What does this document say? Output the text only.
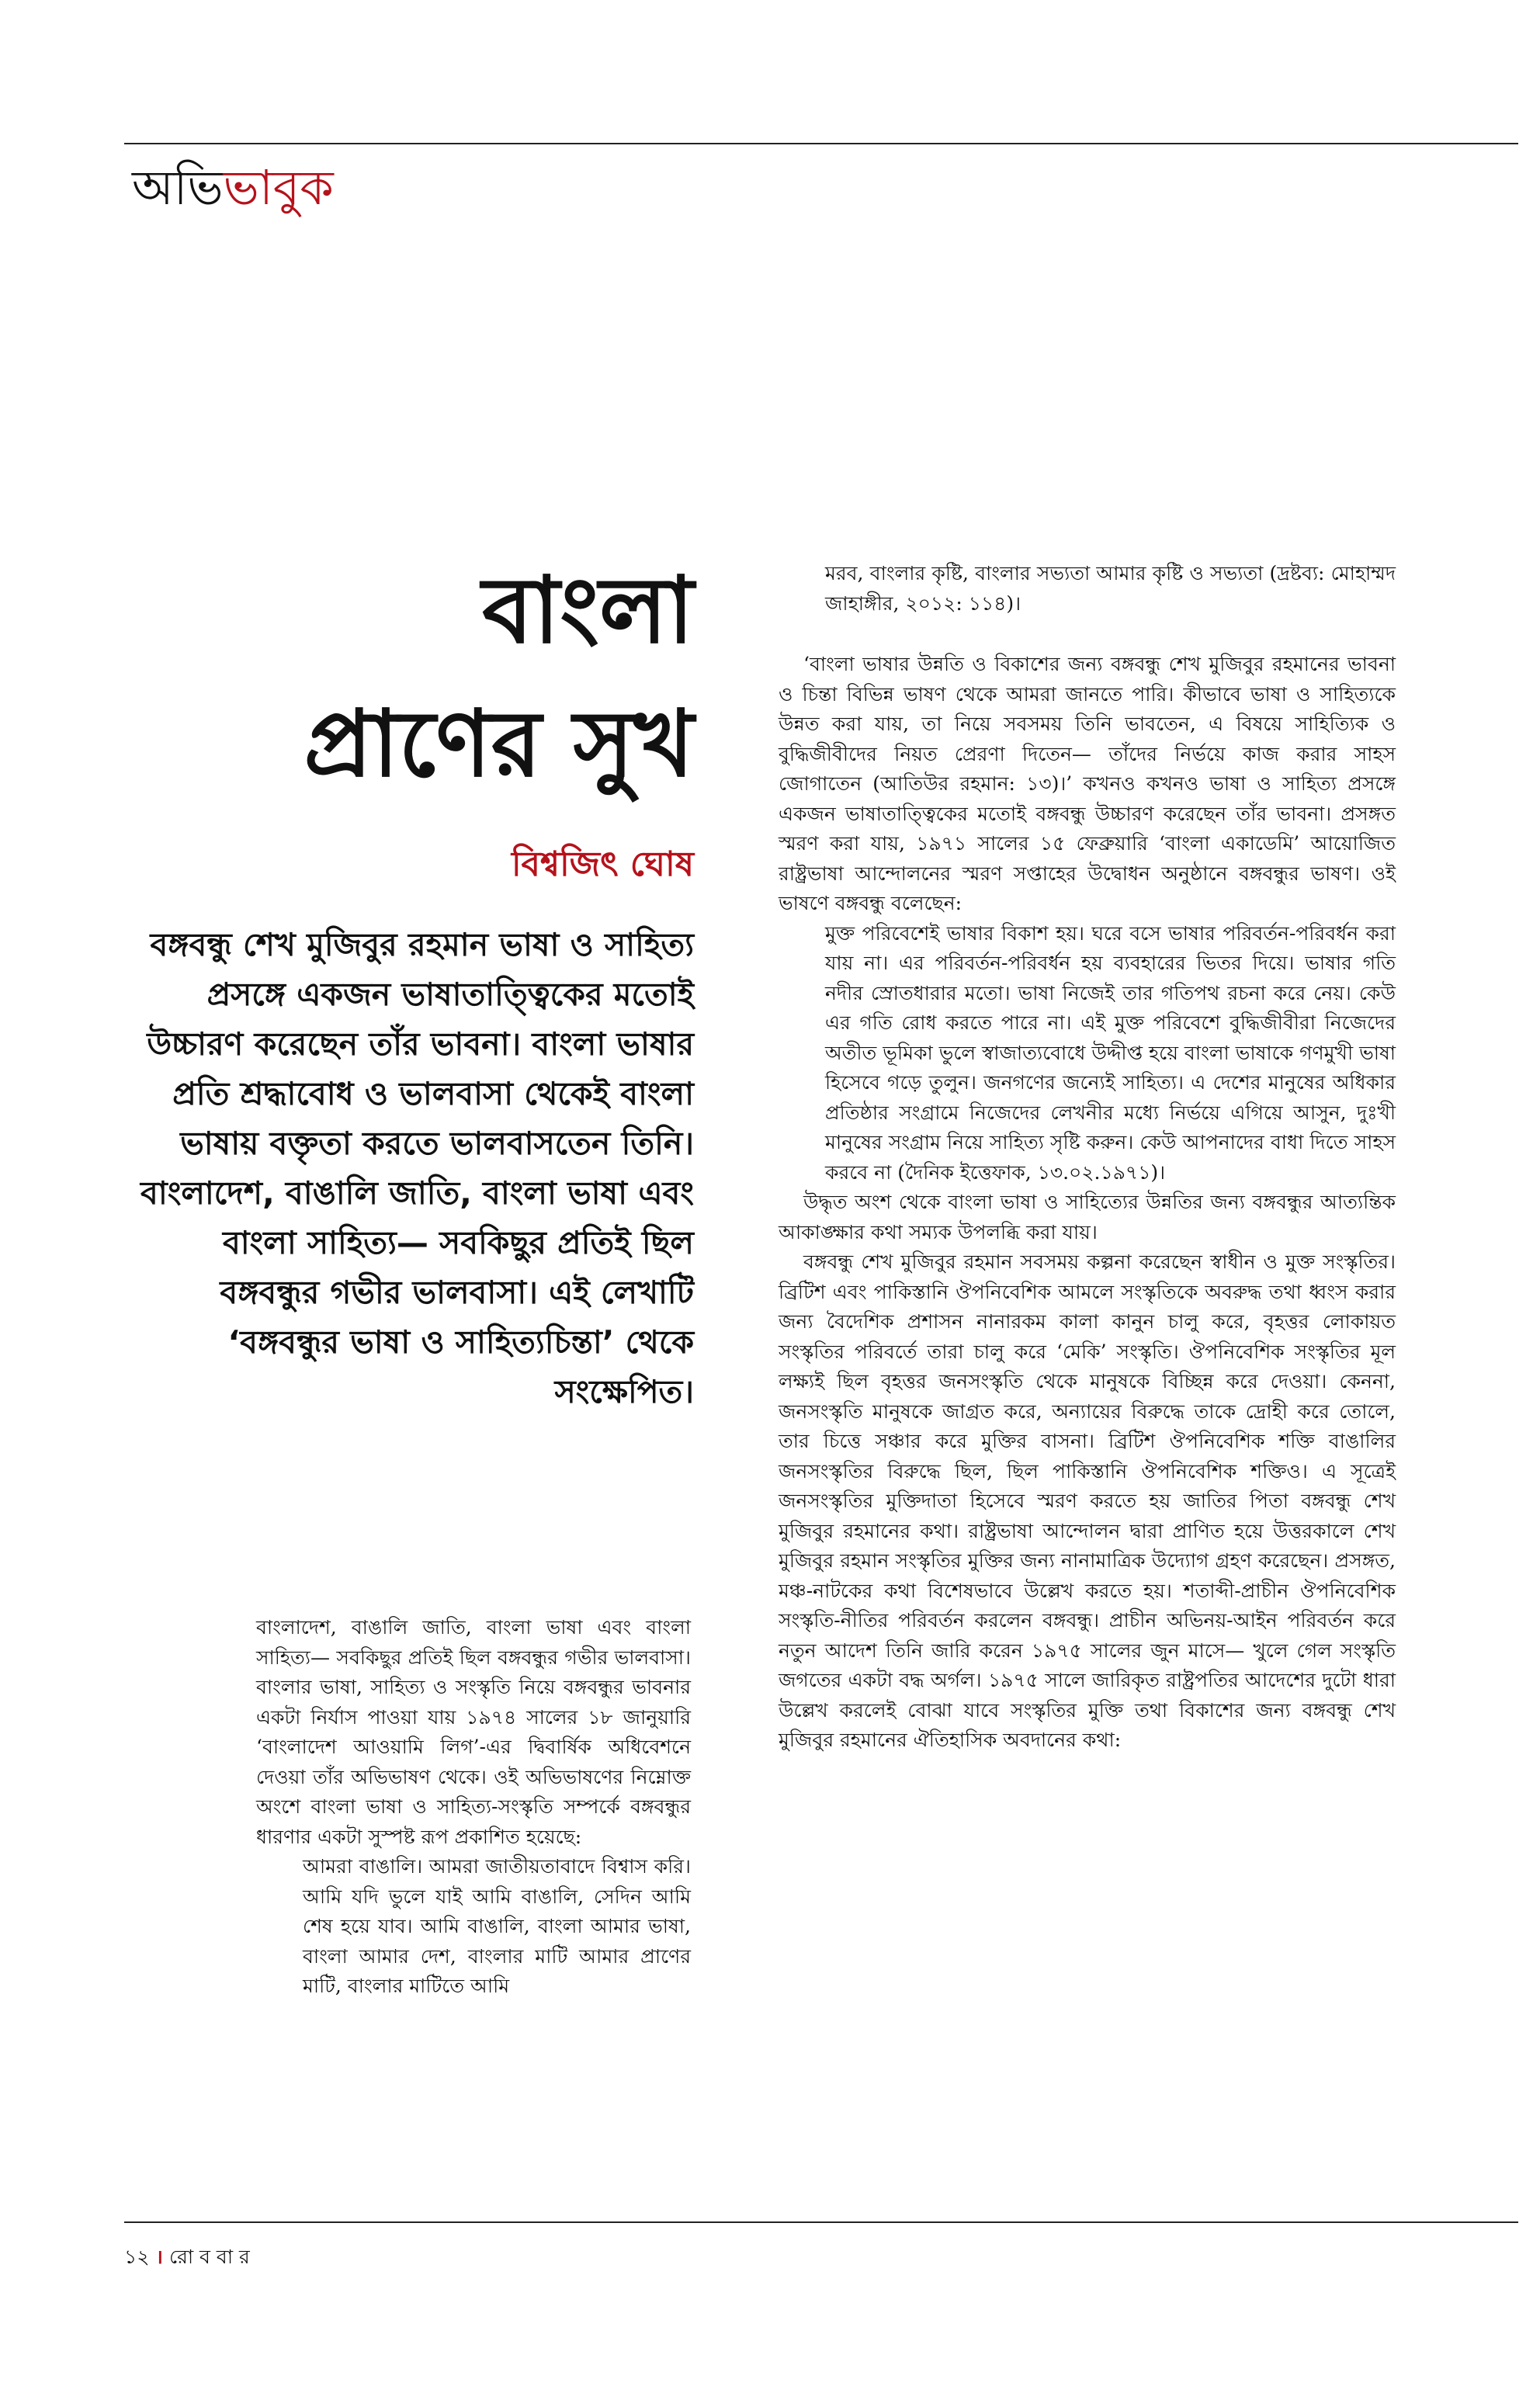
অভিভাবুক
বাংলা
প্রাণের সুখ
বিশ্বজিৎ ঘোষ
বঙ্গবন্ধু শেখ মুজিবুর রহমান ভাষা ও সাহিত্য প্রসঙ্গে একজন ভাষাতাত্ত্বিকের মতোই উচ্চারণ করেছেন তাঁর ভাবনা। বাংলা ভাষার প্রতি শ্রদ্ধাবোধ ও ভালবাসা থেকেই বাংলা ভাষায় বক্তৃতা করতে ভালবাসতেন তিনি। বাংলাদেশ, বাঙালি জাতি, বাংলা ভাষা এবং বাংলা সাহিত্য— সবকিছুর প্রতিই ছিল বঙ্গবন্ধুর গভীর ভালবাসা। এই লেখাটি ‘বঙ্গবন্ধুর ভাষা ও সাহিত্যচিন্তা’ থেকে সংক্ষেপিত।

বাংলাদেশ, বাঙালি জাতি, বাংলা ভাষা এবং বাংলা সাহিত্য— সবকিছুর প্রতিই ছিল বঙ্গবন্ধুর গভীর ভালবাসা। বাংলার ভাষা, সাহিত্য ও সংস্কৃতি নিয়ে বঙ্গবন্ধুর ভাবনার একটা নির্যাস পাওয়া যায় ১৯৭৪ সালের ১৮ জানুয়ারি ‘বাংলাদেশ আওয়ামি লিগ’-এর দ্বিবার্ষিক অধিবেশনে দেওয়া তাঁর অভিভাষণ থেকে। ওই অভিভাষণের নিম্নোক্ত অংশে বাংলা ভাষা ও সাহিত্য-সংস্কৃতি সম্পর্কে বঙ্গবন্ধুর ধারণার একটা সুস্পষ্ট রূপ প্রকাশিত হয়েছে:

আমরা বাঙালি। আমরা জাতীয়তাবাদে বিশ্বাস করি। আমি যদি ভুলে যাই আমি বাঙালি, সেদিন আমি শেষ হয়ে যাব। আমি বাঙালি, বাংলা আমার ভাষা, বাংলা আমার দেশ, বাংলার মাটি আমার প্রাণের মাটি, বাংলার মাটিতে আমি
মরব, বাংলার কৃষ্টি, বাংলার সভ্যতা আমার কৃষ্টি ও সভ্যতা (দ্রষ্টব্য: মোহাম্মদ জাহাঙ্গীর, ২০১২: ১১৪)।

‘বাংলা ভাষার উন্নতি ও বিকাশের জন্য বঙ্গবন্ধু শেখ মুজিবুর রহমানের ভাবনা ও চিন্তা বিভিন্ন ভাষণ থেকে আমরা জানতে পারি। কীভাবে ভাষা ও সাহিত্যকে উন্নত করা যায়, তা নিয়ে সবসময় তিনি ভাবতেন, এ বিষয়ে সাহিত্যিক ও বুদ্ধিজীবীদের নিয়ত প্রেরণা দিতেন— তাঁদের নির্ভয়ে কাজ করার সাহস জোগাতেন (আতিউর রহমান: ১৩)।’ কখনও কখনও ভাষা ও সাহিত্য প্রসঙ্গে একজন ভাষাতাত্ত্বিকের মতোই বঙ্গবন্ধু উচ্চারণ করেছেন তাঁর ভাবনা। প্রসঙ্গত স্মরণ করা যায়, ১৯৭১ সালের ১৫ ফেব্রুয়ারি ‘বাংলা একাডেমি’ আয়োজিত রাষ্ট্রভাষা আন্দোলনের স্মরণ সপ্তাহের উদ্বোধন অনুষ্ঠানে বঙ্গবন্ধুর ভাষণ। ওই ভাষণে বঙ্গবন্ধু বলেছেন:

মুক্ত পরিবেশেই ভাষার বিকাশ হয়। ঘরে বসে ভাষার পরিবর্তন-পরিবর্ধন করা যায় না। এর পরিবর্তন-পরিবর্ধন হয় ব্যবহারের ভিতর দিয়ে। ভাষার গতি নদীর স্রোতধারার মতো। ভাষা নিজেই তার গতিপথ রচনা করে নেয়। কেউ এর গতি রোধ করতে পারে না। এই মুক্ত পরিবেশে বুদ্ধিজীবীরা নিজেদের অতীত ভূমিকা ভুলে স্বাজাত্যবোধে উদ্দীপ্ত হয়ে বাংলা ভাষাকে গণমুখী ভাষা হিসেবে গড়ে তুলুন। জনগণের জন্যেই সাহিত্য। এ দেশের মানুষের অধিকার প্রতিষ্ঠার সংগ্রামে নিজেদের লেখনীর মধ্যে নির্ভয়ে এগিয়ে আসুন, দুঃখী মানুষের সংগ্রাম নিয়ে সাহিত্য সৃষ্টি করুন। কেউ আপনাদের বাধা দিতে সাহস করবে না (দৈনিক ইত্তেফাক, ১৩.০২.১৯৭১)।

উদ্ধৃত অংশ থেকে বাংলা ভাষা ও সাহিত্যের উন্নতির জন্য বঙ্গবন্ধুর আত্যন্তিক আকাঙ্ক্ষার কথা সম্যক উপলব্ধি করা যায়।

বঙ্গবন্ধু শেখ মুজিবুর রহমান সবসময় কল্পনা করেছেন স্বাধীন ও মুক্ত সংস্কৃতির। ব্রিটিশ এবং পাকিস্তানি ঔপনিবেশিক আমলে সংস্কৃতিকে অবরুদ্ধ তথা ধ্বংস করার জন্য বৈদেশিক প্রশাসন নানারকম কালা কানুন চালু করে, বৃহত্তর লোকায়ত সংস্কৃতির পরিবর্তে তারা চালু করে ‘মেকি’ সংস্কৃতি। ঔপনিবেশিক সংস্কৃতির মূল লক্ষ্যই ছিল বৃহত্তর জনসংস্কৃতি থেকে মানুষকে বিচ্ছিন্ন করে দেওয়া। কেননা, জনসংস্কৃতি মানুষকে জাগ্রত করে, অন্যায়ের বিরুদ্ধে তাকে দ্রোহী করে তোলে, তার চিত্তে সঞ্চার করে মুক্তির বাসনা। ব্রিটিশ ঔপনিবেশিক শক্তি বাঙালির জনসংস্কৃতির বিরুদ্ধে ছিল, ছিল পাকিস্তানি ঔপনিবেশিক শক্তিও। এ সূত্রেই জনসংস্কৃতির মুক্তিদাতা হিসেবে স্মরণ করতে হয় জাতির পিতা বঙ্গবন্ধু শেখ মুজিবুর রহমানের কথা। রাষ্ট্রভাষা আন্দোলন দ্বারা প্রাণিত হয়ে উত্তরকালে শেখ মুজিবুর রহমান সংস্কৃতির মুক্তির জন্য নানামাত্রিক উদ্যোগ গ্রহণ করেছেন। প্রসঙ্গত, মঞ্চ-নাটকের কথা বিশেষভাবে উল্লেখ করতে হয়। শতাব্দী-প্রাচীন ঔপনিবেশিক সংস্কৃতি-নীতির পরিবর্তন করলেন বঙ্গবন্ধু। প্রাচীন অভিনয়-আইন পরিবর্তন করে নতুন আদেশ তিনি জারি করেন ১৯৭৫ সালের জুন মাসে— খুলে গেল সংস্কৃতি জগতের একটা বদ্ধ অর্গল। ১৯৭৫ সালে জারিকৃত রাষ্ট্রপতির আদেশের দুটো ধারা উল্লেখ করলেই বোঝা যাবে সংস্কৃতির মুক্তি তথা বিকাশের জন্য বঙ্গবন্ধু শেখ মুজিবুর রহমানের ঐতিহাসিক অবদানের কথা:

১২ । রো ব বা র
